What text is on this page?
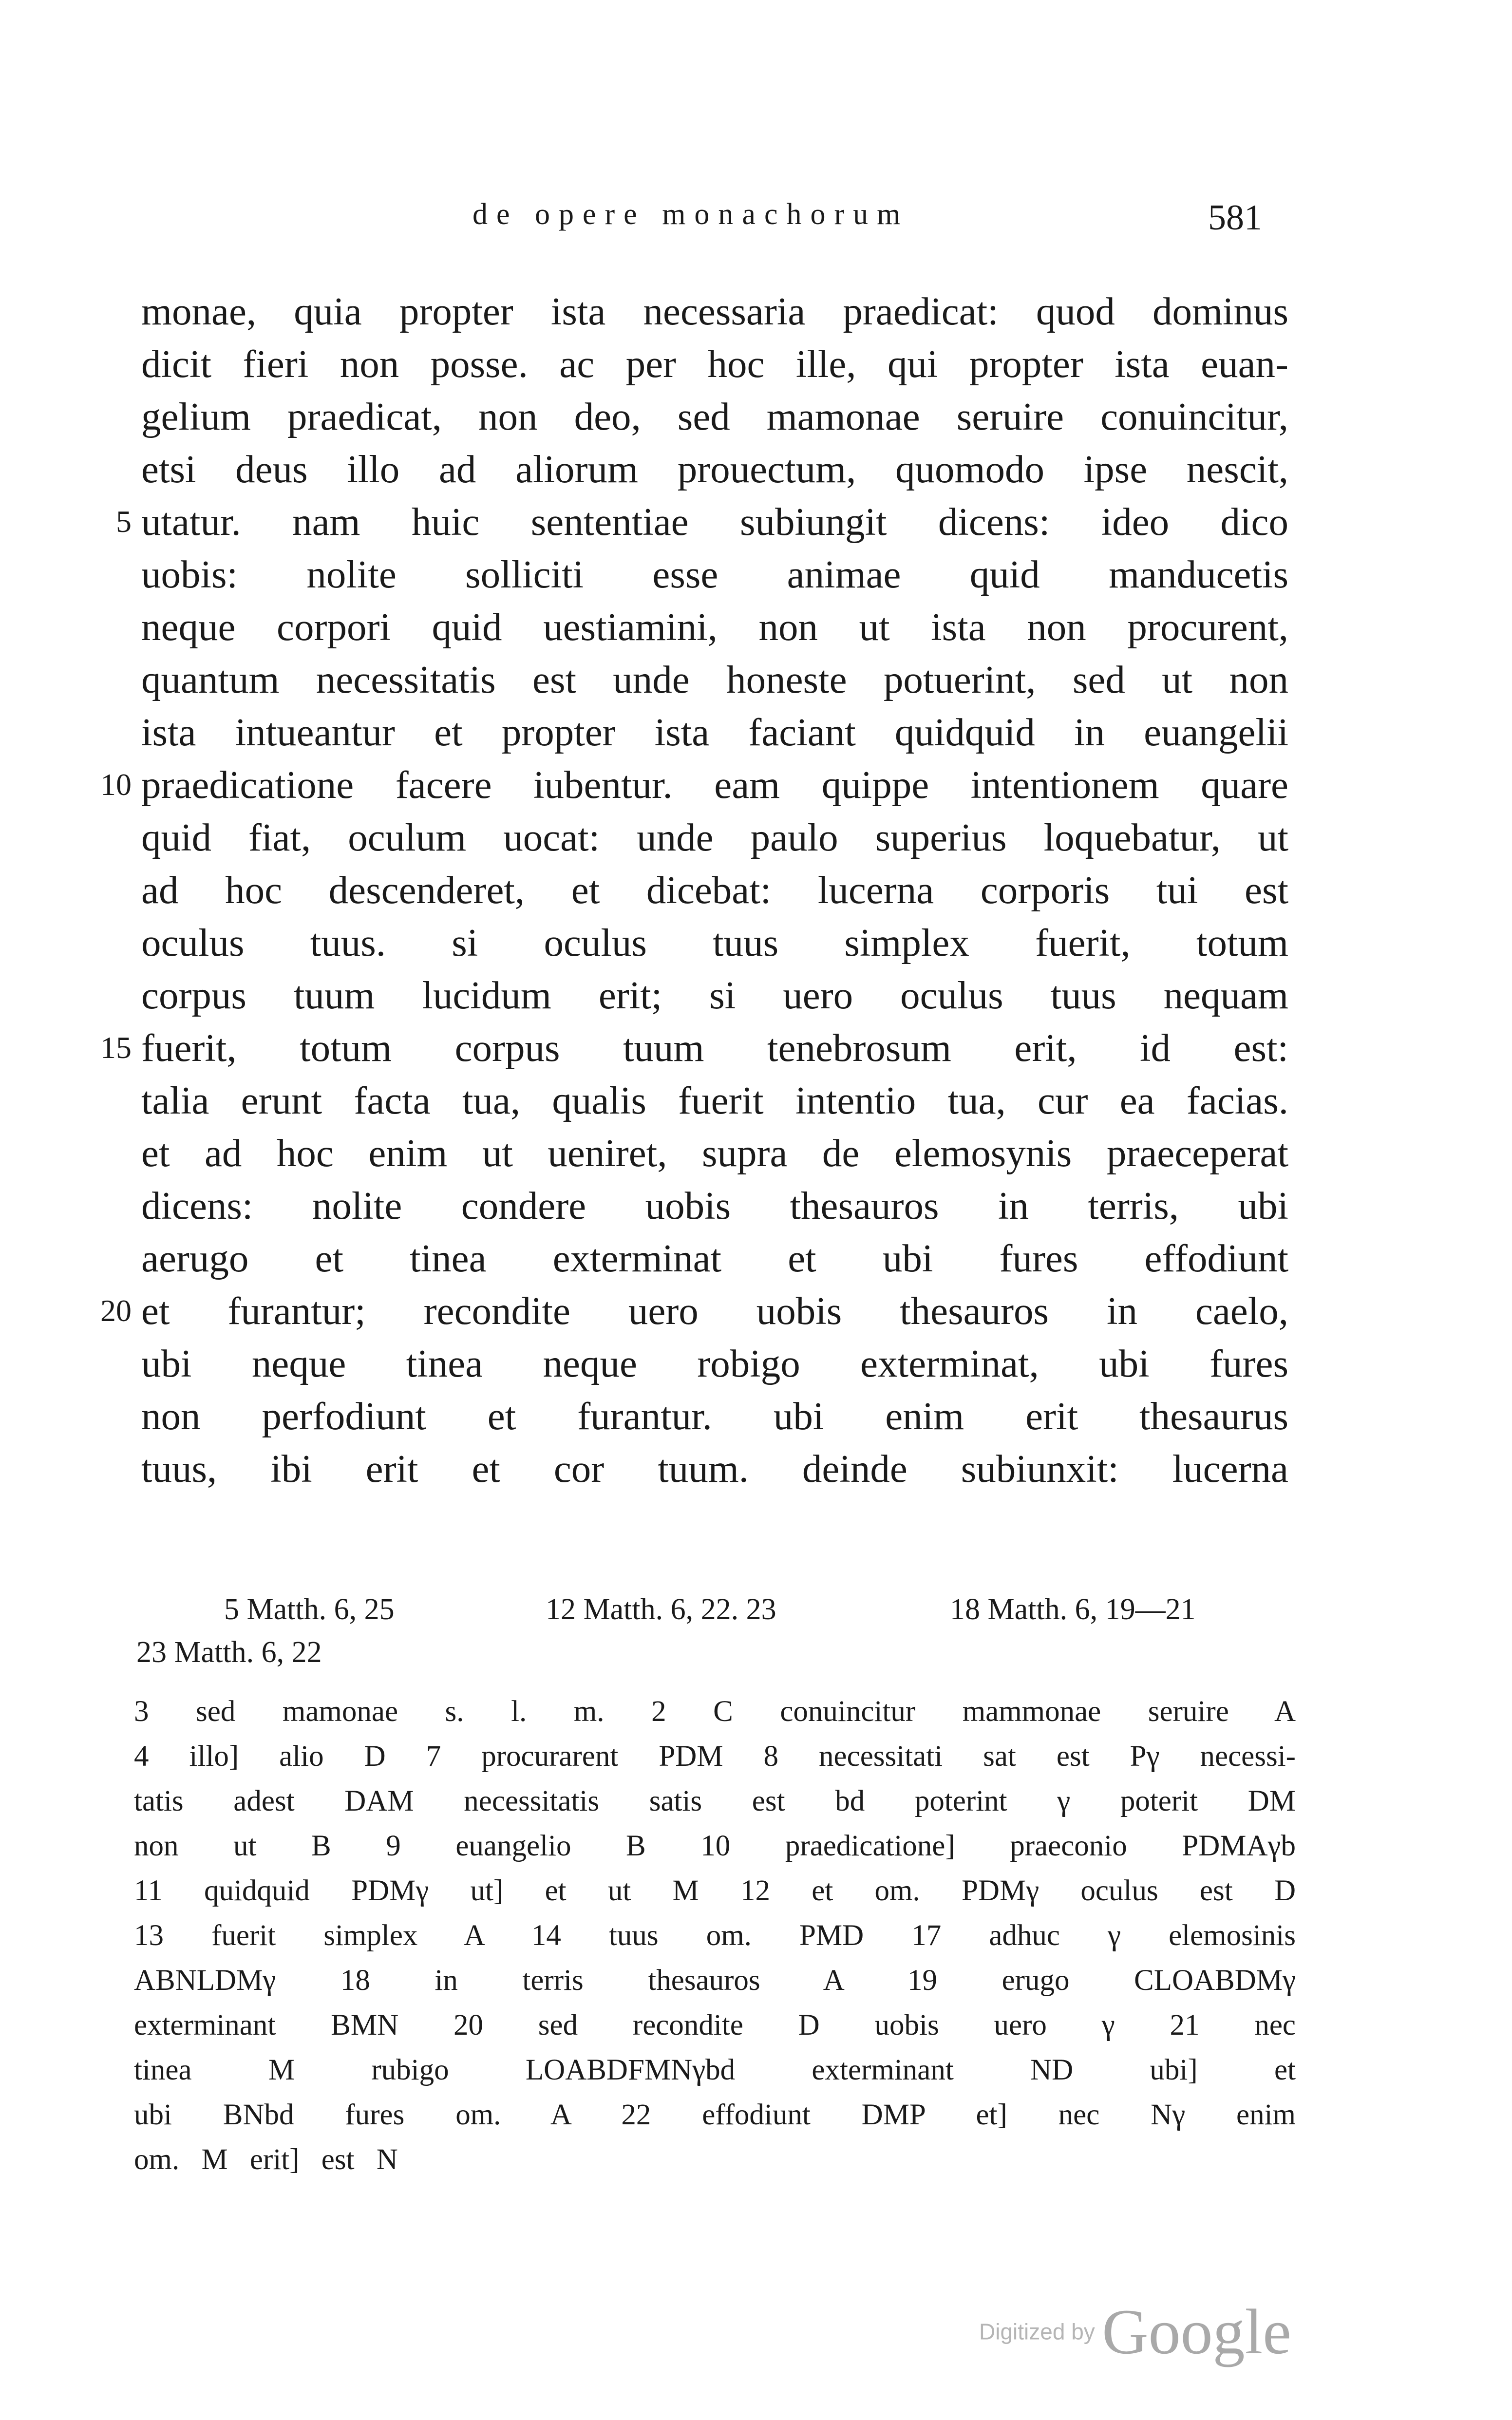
de opere monachorum	581
monae, quia propter ista necessaria praedicat: quod dominus
dicit fieri non posse. ac per hoc ille, qui propter ista euan-
gelium praedicat, non deo, sed mamonae seruire conuincitur,
etsi deus illo ad aliorum prouectum, quomodo ipse nescit,
5 utatur. nam huic sententiae subiungit dicens: ideo dico
uobis: nolite solliciti esse animae quid manducetis
neque corpori quid uestiamini, non ut ista non procurent,
quantum necessitatis est unde honeste potuerint, sed ut non
ista intueantur et propter ista faciant quidquid in euangelii
10 praedicatione facere iubentur. eam quippe intentionem quare
quid fiat, oculum uocat: unde paulo superius loquebatur, ut
ad hoc descenderet, et dicebat: lucerna corporis tui est
oculus tuus. si oculus tuus simplex fuerit, totum
corpus tuum lucidum erit; si uero oculus tuus nequam
15 fuerit, totum corpus tuum tenebrosum erit, id est:
talia erunt facta tua, qualis fuerit intentio tua, cur ea facias.
et ad hoc enim ut ueniret, supra de elemosynis praeceperat
dicens: nolite condere uobis thesauros in terris, ubi
aerugo et tinea exterminat et ubi fures effodiunt
20 et furantur; recondite uero uobis thesauros in caelo,
ubi neque tinea neque robigo exterminat, ubi fures
non perfodiunt et furantur. ubi enim erit thesaurus
tuus, ibi erit et cor tuum. deinde subiunxit: lucerna
5 Matth. 6, 25	12 Matth. 6, 22. 23	18 Matth. 6, 19—21
23 Matth. 6, 22
3 sed mamonae s. l. m. 2 C conuincitur mammonae seruire A
4 illo] alio D 7 procurarent PDM 8 necessitati sat est Pγ necessi-
tatis adest DAM necessitatis satis est bd poterint γ poterit DM
non ut B 9 euangelio B 10 praedicatione] praeconio PDMAγb
11 quidquid PDMγ ut] et ut M 12 et om. PDMγ oculus est D
13 fuerit simplex A 14 tuus om. PMD 17 adhuc γ elemosinis
ABNLDMγ 18 in terris thesauros A 19 erugo CLOABDMγ
exterminant BMN 20 sed recondite D uobis uero γ 21 nec
tinea M rubigo LOABDFMNγbd exterminant ND ubi] et
ubi BNbd fures om. A 22 effodiunt DMP et] nec Nγ enim
om. M erit] est N
Digitized by Google
